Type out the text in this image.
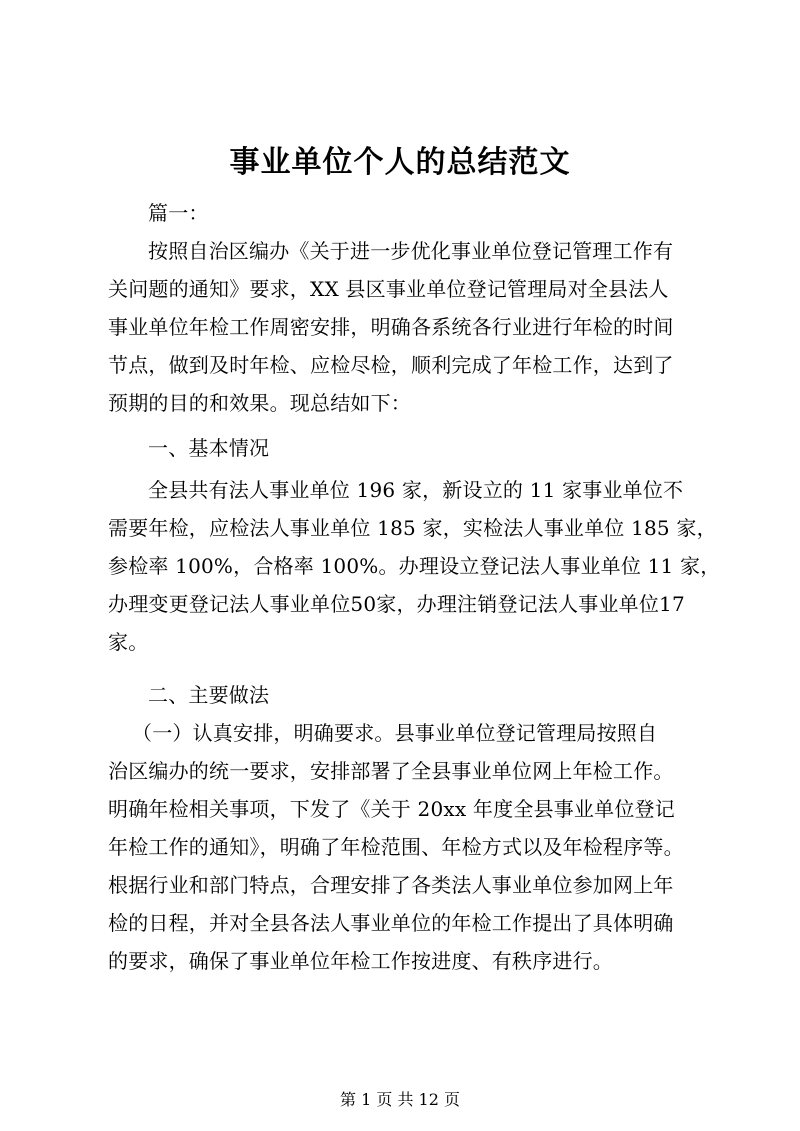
事业单位个人的总结范文
篇一：
按照自治区编办《关于进一步优化事业单位登记管理工作有
关问题的通知》要求，XX 县区事业单位登记管理局对全县法人
事业单位年检工作周密安排，明确各系统各行业进行年检的时间
节点，做到及时年检、应检尽检，顺利完成了年检工作，达到了
预期的目的和效果。现总结如下：
一、基本情况
全县共有法人事业单位 196 家，新设立的 11 家事业单位不
需要年检，应检法人事业单位 185 家，实检法人事业单位 185 家，
参检率 100%，合格率 100%。办理设立登记法人事业单位 11 家，
办理变更登记法人事业单位50家，办理注销登记法人事业单位17
家。
二、主要做法
（一）认真安排，明确要求。县事业单位登记管理局按照自
治区编办的统一要求，安排部署了全县事业单位网上年检工作。
明确年检相关事项，下发了《关于 20xx 年度全县事业单位登记
年检工作的通知》，明确了年检范围、年检方式以及年检程序等。
根据行业和部门特点，合理安排了各类法人事业单位参加网上年
检的日程，并对全县各法人事业单位的年检工作提出了具体明确
的要求，确保了事业单位年检工作按进度、有秩序进行。
第 1 页 共 12 页
